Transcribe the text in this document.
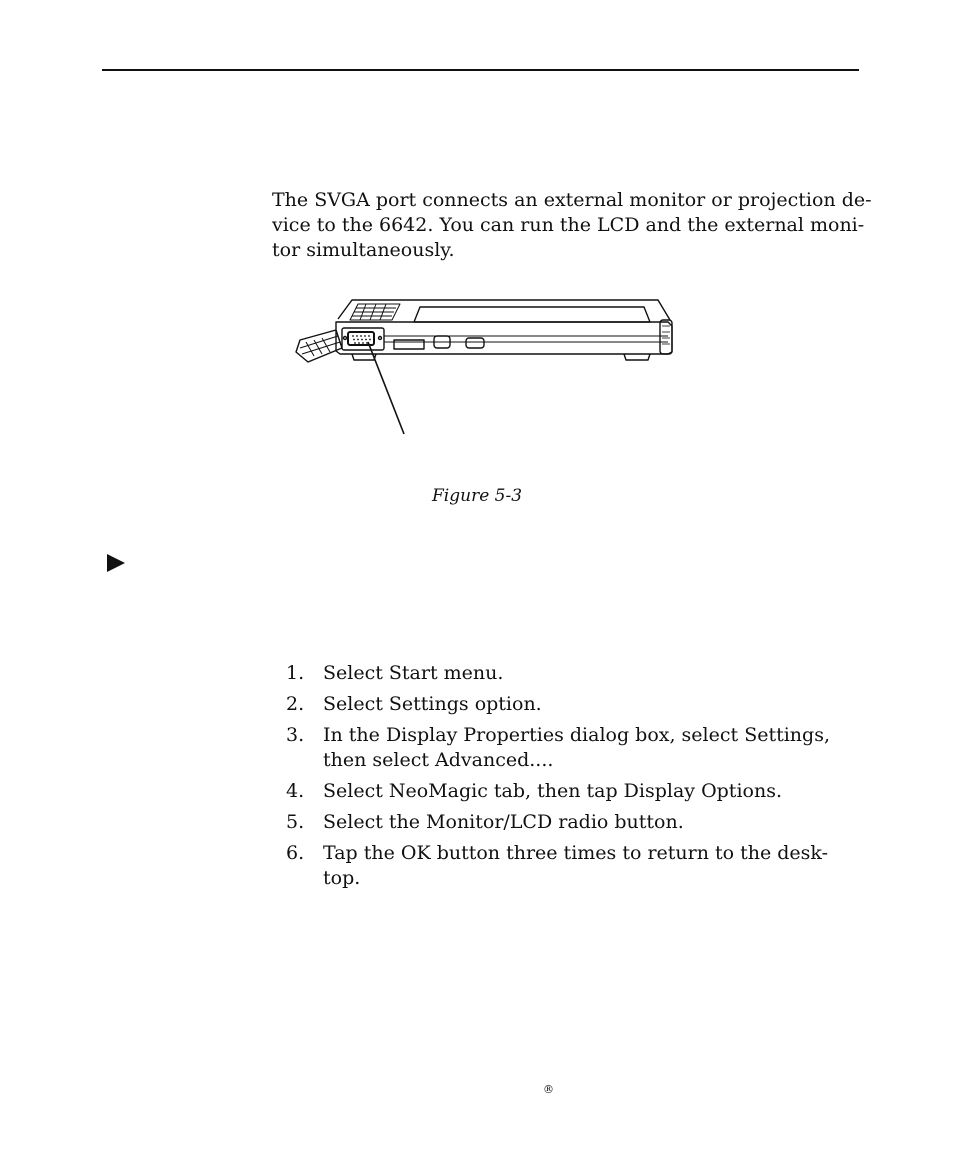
The SVGA port connects an external monitor or projection de-
vice to the 6642. You can run the LCD and the external moni-
tor simultaneously.

Figure 5-3
1. Select Start menu.
2. Select Settings option.
3. In the Display Properties dialog box, select Settings,
then select Advanced....
4. Select NeoMagic tab, then tap Display Options.
5. Select the Monitor/LCD radio button.
6. Tap the OK button three times to return to the desk-
top.
®
